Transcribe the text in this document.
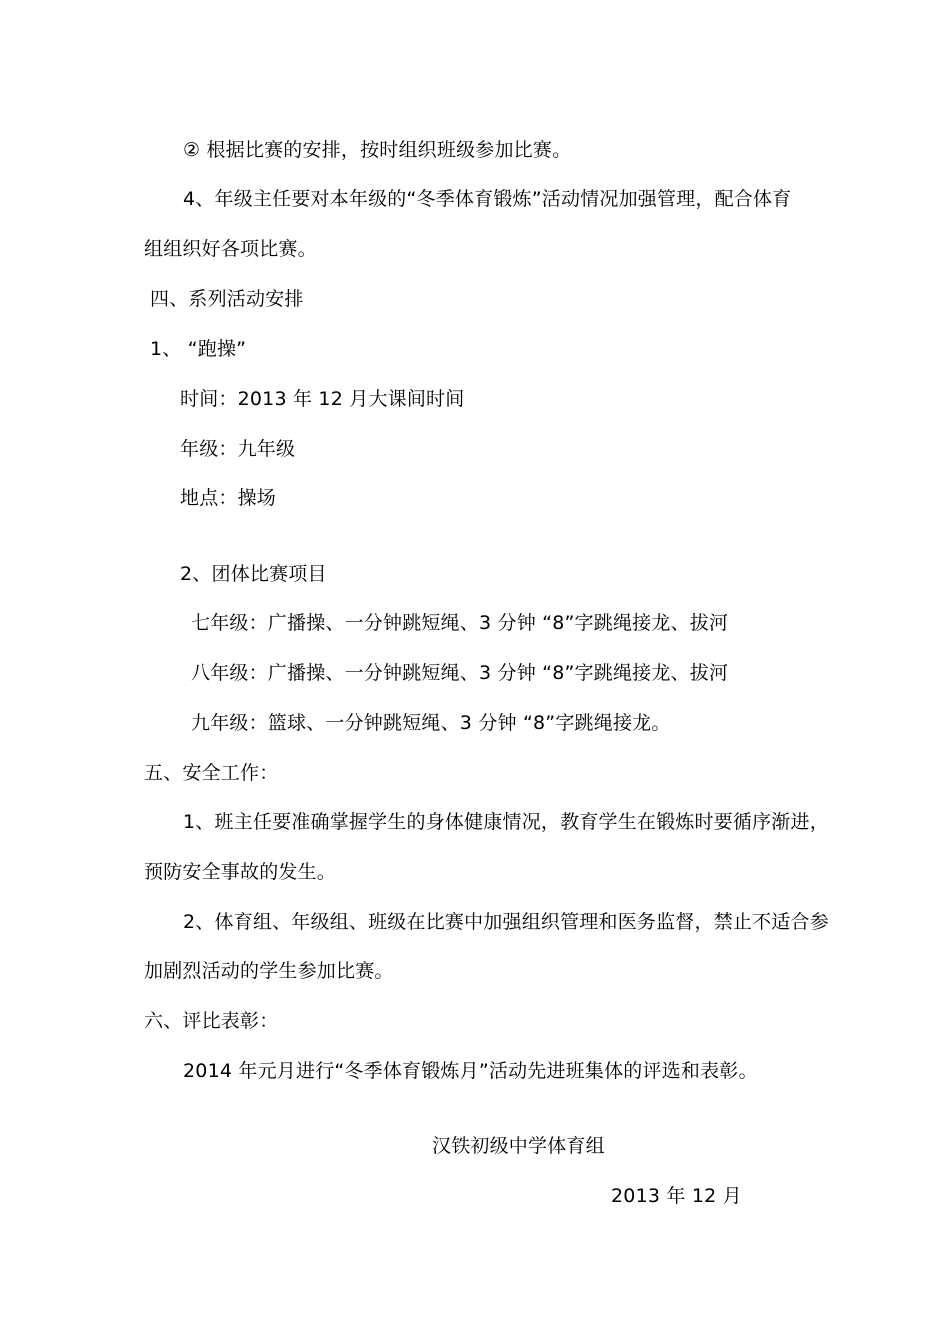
② 根据比赛的安排，按时组织班级参加比赛。
4、年级主任要对本年级的“冬季体育锻炼”活动情况加强管理，配合体育
组组织好各项比赛。
四、系列活动安排
1、 “跑操”
时间：2013 年 12 月大课间时间
年级：九年级
地点：操场
2、团体比赛项目
七年级：广播操、一分钟跳短绳、3 分钟 “8”字跳绳接龙、拔河
八年级：广播操、一分钟跳短绳、3 分钟 “8”字跳绳接龙、拔河
九年级：篮球、一分钟跳短绳、3 分钟 “8”字跳绳接龙。
五、安全工作：
1、班主任要准确掌握学生的身体健康情况，教育学生在锻炼时要循序渐进，
预防安全事故的发生。
2、体育组、年级组、班级在比赛中加强组织管理和医务监督，禁止不适合参
加剧烈活动的学生参加比赛。
六、评比表彰：
2014 年元月进行“冬季体育锻炼月”活动先进班集体的评选和表彰。
汉铁初级中学体育组
2013 年 12 月
